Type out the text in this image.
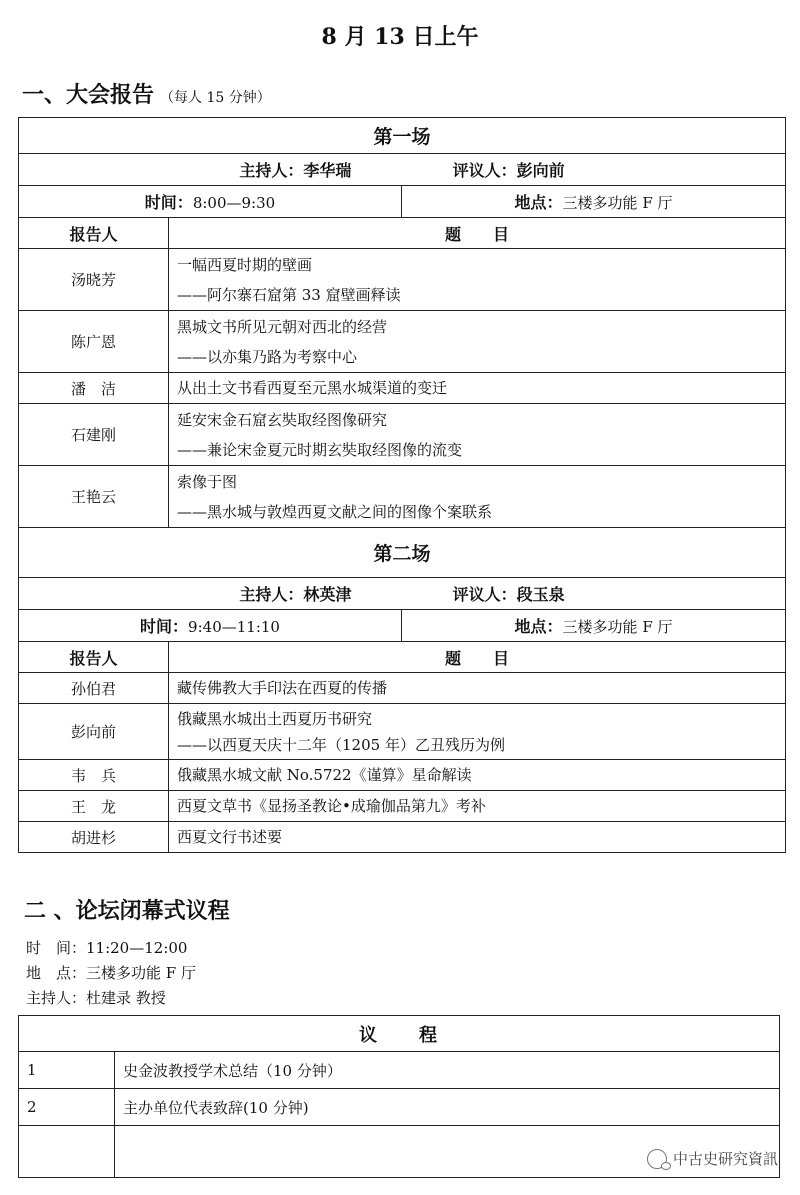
8 月 13 日上午
一、大会报告 （每人 15 分钟）
第一场		
主持人：李华瑞 评议人：彭向前		
时间：8:00—9:30		地点：三楼多功能 F 厅
报告人	题　　目	
汤晓芳	一幅西夏时期的壁画
——阿尔寨石窟第 33 窟壁画释读	

陈广恩	黑城文书所见元朝对西北的经营
——以亦集乃路为考察中心	

潘　洁	从出土文书看西夏至元黑水城渠道的变迁	

石建刚	延安宋金石窟玄奘取经图像研究
——兼论宋金夏元时期玄奘取经图像的流变	

王艳云	索像于图
——黑水城与敦煌西夏文献之间的图像个案联系	

第二场		
主持人：林英津 评议人：段玉泉		
时间：9:40—11:10		地点：三楼多功能 F 厅
报告人	题　　目	
孙伯君	藏传佛教大手印法在西夏的传播	

彭向前	俄藏黑水城出土西夏历书研究
——以西夏天庆十二年（1205 年）乙丑残历为例	

韦　兵	俄藏黑水城文献 No.5722《谨算》星命解读	

王　龙	西夏文草书《显扬圣教论•成瑜伽品第九》考补	

胡进杉	西夏文行书述要	
二 、论坛闭幕式议程
时　间：11:20—12:00
地　点：三楼多功能 F 厅
主持人：杜建录 教授
议　　程	
1	史金波教授学术总结（10 分钟）
2	主办单位代表致辞(10 分钟)

中古史研究資訊
